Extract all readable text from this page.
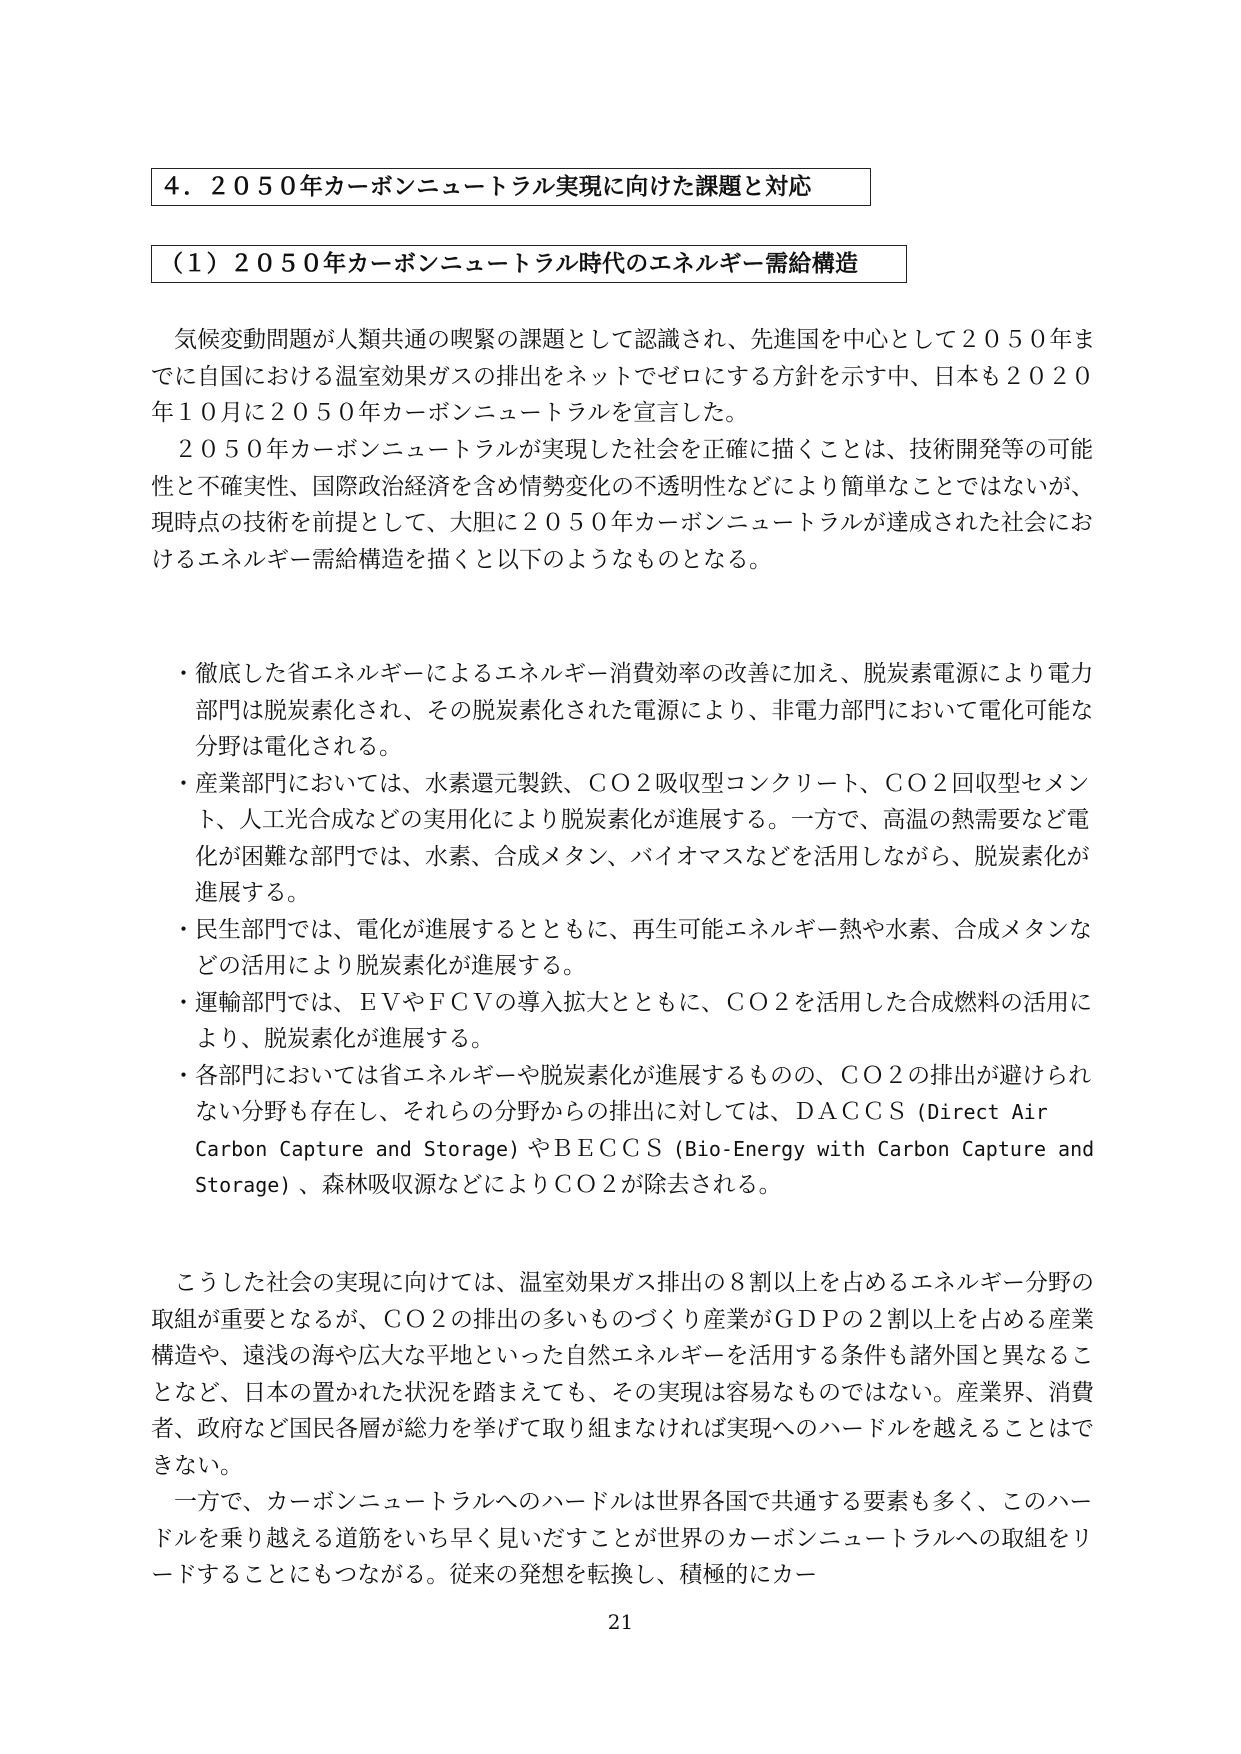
４．２０５０年カーボンニュートラル実現に向けた課題と対応
（１）２０５０年カーボンニュートラル時代のエネルギー需給構造

気候変動問題が人類共通の喫緊の課題として認識され、先進国を中心として２０５０年までに自国における温室効果ガスの排出をネットでゼロにする方針を示す中、日本も２０２０年１０月に２０５０年カーボンニュートラルを宣言した。

２０５０年カーボンニュートラルが実現した社会を正確に描くことは、技術開発等の可能性と不確実性、国際政治経済を含め情勢変化の不透明性などにより簡単なことではないが、現時点の技術を前提として、大胆に２０５０年カーボンニュートラルが達成された社会におけるエネルギー需給構造を描くと以下のようなものとなる。

・ 徹底した省エネルギーによるエネルギー消費効率の改善に加え、脱炭素電源により電力部門は脱炭素化され、その脱炭素化された電源により、非電力部門において電化可能な分野は電化される。
・ 産業部門においては、水素還元製鉄、ＣＯ２吸収型コンクリート、ＣＯ２回収型セメント、人工光合成などの実用化により脱炭素化が進展する。一方で、高温の熱需要など電化が困難な部門では、水素、合成メタン、バイオマスなどを活用しながら、脱炭素化が進展する。
・ 民生部門では、電化が進展するとともに、再生可能エネルギー熱や水素、合成メタンなどの活用により脱炭素化が進展する。
・ 運輸部門では、ＥＶやＦＣＶの導入拡大とともに、ＣＯ２を活用した合成燃料の活用により、脱炭素化が進展する。
・ 各部門においては省エネルギーや脱炭素化が進展するものの、ＣＯ２の排出が避けられない分野も存在し、それらの分野からの排出に対しては、ＤＡＣＣＳ (Direct Air Carbon Capture and Storage) やＢＥＣＣＳ (Bio-Energy with Carbon Capture and Storage) 、森林吸収源などによりＣＯ２が除去される。

こうした社会の実現に向けては、温室効果ガス排出の８割以上を占めるエネルギー分野の取組が重要となるが、ＣＯ２の排出の多いものづくり産業がＧＤＰの２割以上を占める産業構造や、遠浅の海や広大な平地といった自然エネルギーを活用する条件も諸外国と異なることなど、日本の置かれた状況を踏まえても、その実現は容易なものではない。産業界、消費者、政府など国民各層が総力を挙げて取り組まなければ実現へのハードルを越えることはできない。

一方で、カーボンニュートラルへのハードルは世界各国で共通する要素も多く、このハードルを乗り越える道筋をいち早く見いだすことが世界のカーボンニュートラルへの取組をリードすることにもつながる。従来の発想を転換し、積極的にカー

21
